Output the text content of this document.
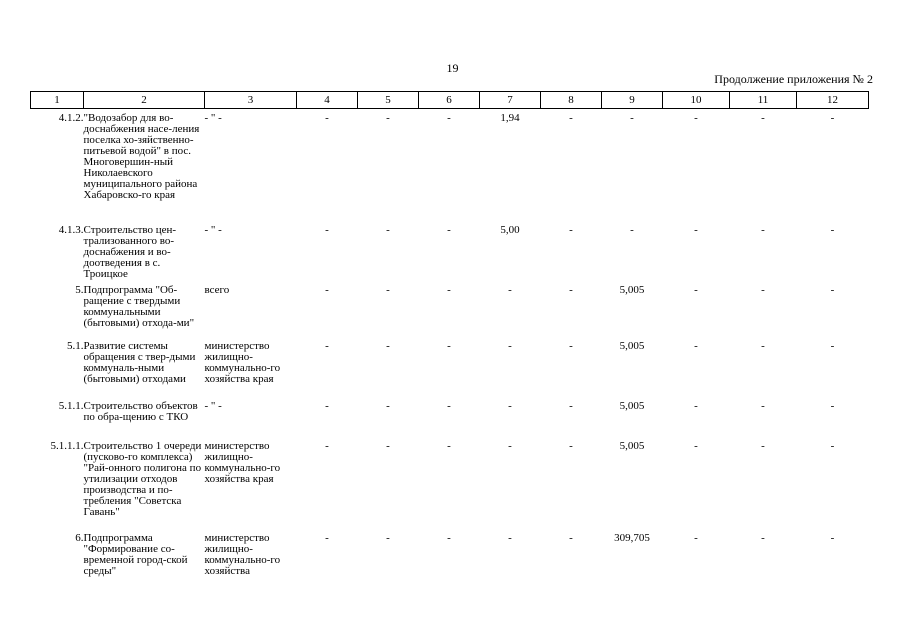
19
Продолжение приложения № 2
1	2	3	4	5	6	7	8	9	10	11	12
4.1.2.	"Водозабор для во-доснабжения насе-ления поселка хо-зяйственно-питьевой водой" в пос. Многовершин-ный Николаевского муниципального района Хабаровско-го края	- " -	-	-	-	1,94	-	-	-	-	-
4.1.3.	Строительство цен-трализованного во-доснабжения и во-доотведения в с. Троицкое	- " -	-	-	-	5,00	-	-	-	-	-
5.	Подпрограмма "Об-ращение с твердыми коммунальными (бытовыми) отхода-ми"	всего	-	-	-	-	-	5,005	-	-	-
5.1.	Развитие системы обращения с твер-дыми коммуналь-ными (бытовыми) отходами	министерство жилищно-коммунально-го хозяйства края	-	-	-	-	-	5,005	-	-	-
5.1.1.	Строительство объектов по обра-щению с ТКО	- " -	-	-	-	-	-	5,005	-	-	-
5.1.1.1.	Строительство 1 очереди (пусково-го комплекса) "Рай-онного полигона по утилизации отходов производства и по-требления "Советска Гавань"	министерство жилищно-коммунально-го хозяйства края	-	-	-	-	-	5,005	-	-	-
6.	Подпрограмма "Формирование со-временной город-ской среды"	министерство жилищно-коммунально-го хозяйства	-	-	-	-	-	309,705	-	-	-
